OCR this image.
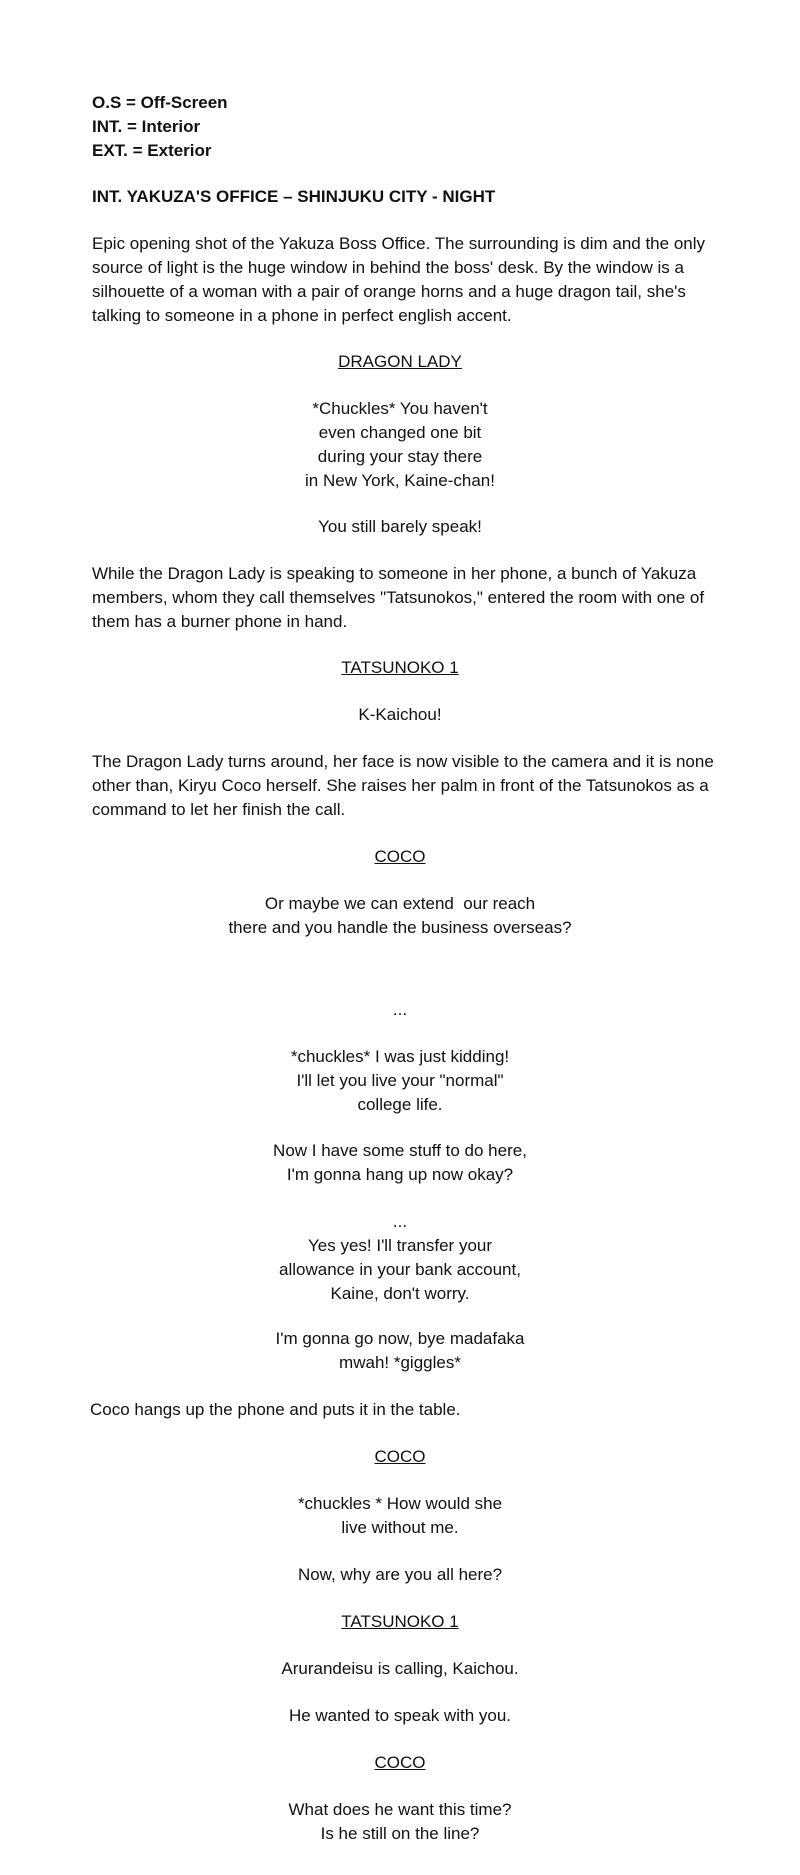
O.S = Off-Screen
INT. = Interior
EXT. = Exterior
INT. YAKUZA'S OFFICE – SHINJUKU CITY - NIGHT
Epic opening shot of the Yakuza Boss Office. The surrounding is dim and the only
source of light is the huge window in behind the boss' desk. By the window is a
silhouette of a woman with a pair of orange horns and a huge dragon tail, she's
talking to someone in a phone in perfect english accent.
DRAGON LADY
*Chuckles* You haven't
even changed one bit
during your stay there
in New York, Kaine-chan!
You still barely speak!
While the Dragon Lady is speaking to someone in her phone, a bunch of Yakuza
members, whom they call themselves "Tatsunokos," entered the room with one of
them has a burner phone in hand.
TATSUNOKO 1
K-Kaichou!
The Dragon Lady turns around, her face is now visible to the camera and it is none
other than, Kiryu Coco herself. She raises her palm in front of the Tatsunokos as a
command to let her finish the call.
COCO
Or maybe we can extend  our reach
there and you handle the business overseas?
...
*chuckles* I was just kidding!
I'll let you live your "normal"
college life.
Now I have some stuff to do here,
I'm gonna hang up now okay?
...
Yes yes! I'll transfer your
allowance in your bank account,
Kaine, don't worry.
I'm gonna go now, bye madafaka
mwah! *giggles*
Coco hangs up the phone and puts it in the table.
COCO
*chuckles * How would she
live without me.
Now, why are you all here?
TATSUNOKO 1
Arurandeisu is calling, Kaichou.
He wanted to speak with you.
COCO
What does he want this time?
Is he still on the line?
